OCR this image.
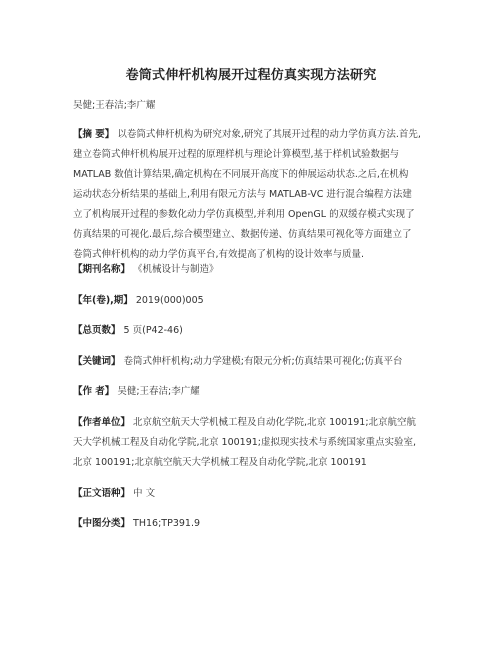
卷筒式伸杆机构展开过程仿真实现方法研究
吴健;王春洁;李广耀
【摘 要】 以卷筒式伸杆机构为研究对象,研究了其展开过程的动力学仿真方法.首先,
建立卷筒式伸杆机构展开过程的原理样机与理论计算模型,基于样机试验数据与
MATLAB 数值计算结果,确定机构在不同展开高度下的伸展运动状态.之后,在机构
运动状态分析结果的基础上,利用有限元方法与 MATLAB-VC 进行混合编程方法建
立了机构展开过程的参数化动力学仿真模型,并利用 OpenGL 的双缓存模式实现了
仿真结果的可视化.最后,综合模型建立、数据传递、仿真结果可视化等方面建立了
卷筒式伸杆机构的动力学仿真平台,有效提高了机构的设计效率与质量.
【期刊名称】 《机械设计与制造》
【年(卷),期】 2019(000)005
【总页数】 5 页(P42-46)
【关键词】 卷筒式伸杆机构;动力学建模;有限元分析;仿真结果可视化;仿真平台
【作 者】 吴健;王春洁;李广耀
【作者单位】 北京航空航天大学机械工程及自动化学院,北京 100191;北京航空航
天大学机械工程及自动化学院,北京 100191;虚拟现实技术与系统国家重点实验室,
北京 100191;北京航空航天大学机械工程及自动化学院,北京 100191
【正文语种】 中 文
【中图分类】 TH16;TP391.9
